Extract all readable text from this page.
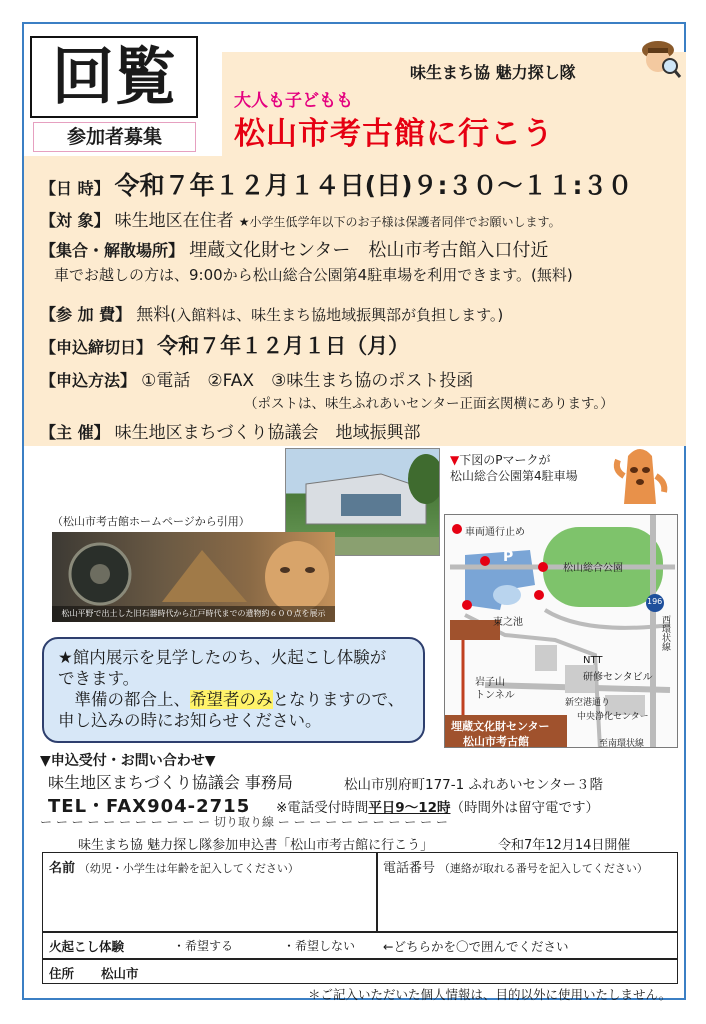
回覧
参加者募集
味生まち協 魅力探し隊
大人も子どもも
松山市考古館に行こう
【日 時】 令和７年１２月１４日(日)９:３０～１１:３０
【対 象】 味生地区在住者 ★小学生低学年以下のお子様は保護者同伴でお願いします。
【集合・解散場所】 埋蔵文化財センター　松山市考古館入口付近
車でお越しの方は、9:00から松山総合公園第4駐車場を利用できます。(無料)
【参 加 費】 無料(入館料は、味生まち協地域振興部が負担します。)
【申込締切日】 令和７年１２月１日（月）
【申込方法】 ①電話　②FAX　③味生まち協のポスト投函
（ポストは、味生ふれあいセンター正面玄関横にあります。）
【主 催】 味生地区まちづくり協議会　地域振興部
（松山市考古館ホームページから引用）
松山平野で出土した旧石器時代から江戸時代までの遺物約６００点を展示
★館内展示を見学したのち、火起こし体験が
できます。
　準備の都合上、希望者のみとなりますので、
申し込みの時にお知らせください。
▼下図のPマークが
松山総合公園第4駐車場
車両通行止め
松山総合公園
P
東之池
196
NTT
研修センタビル
岩子山
トンネル
新空港通り
中央浄化センター
西環状線
至南環状線
埋蔵文化財センター
松山市考古館
▼申込受付・お問い合わせ▼
味生地区まちづくり協議会 事務局	松山市別府町177-1 ふれあいセンター３階
TEL・FAX904-2715 ※電話受付時間平日9～12時（時間外は留守電です）
ー ー ー ー ー ー ー ー ー ー ー 切り取り線 ー ー ー ー ー ー ー ー ー ー ー
味生まち協 魅力探し隊参加申込書「松山市考古館に行こう」	令和7年12月14日開催
名前 （幼児・小学生は年齢を記入してください）	電話番号 （連絡が取れる番号を記入してください）
火起こし体験	・希望する	・希望しない ←どちらかを〇で囲んでください
住所 松山市
＊ご記入いただいた個人情報は、目的以外に使用いたしません。
